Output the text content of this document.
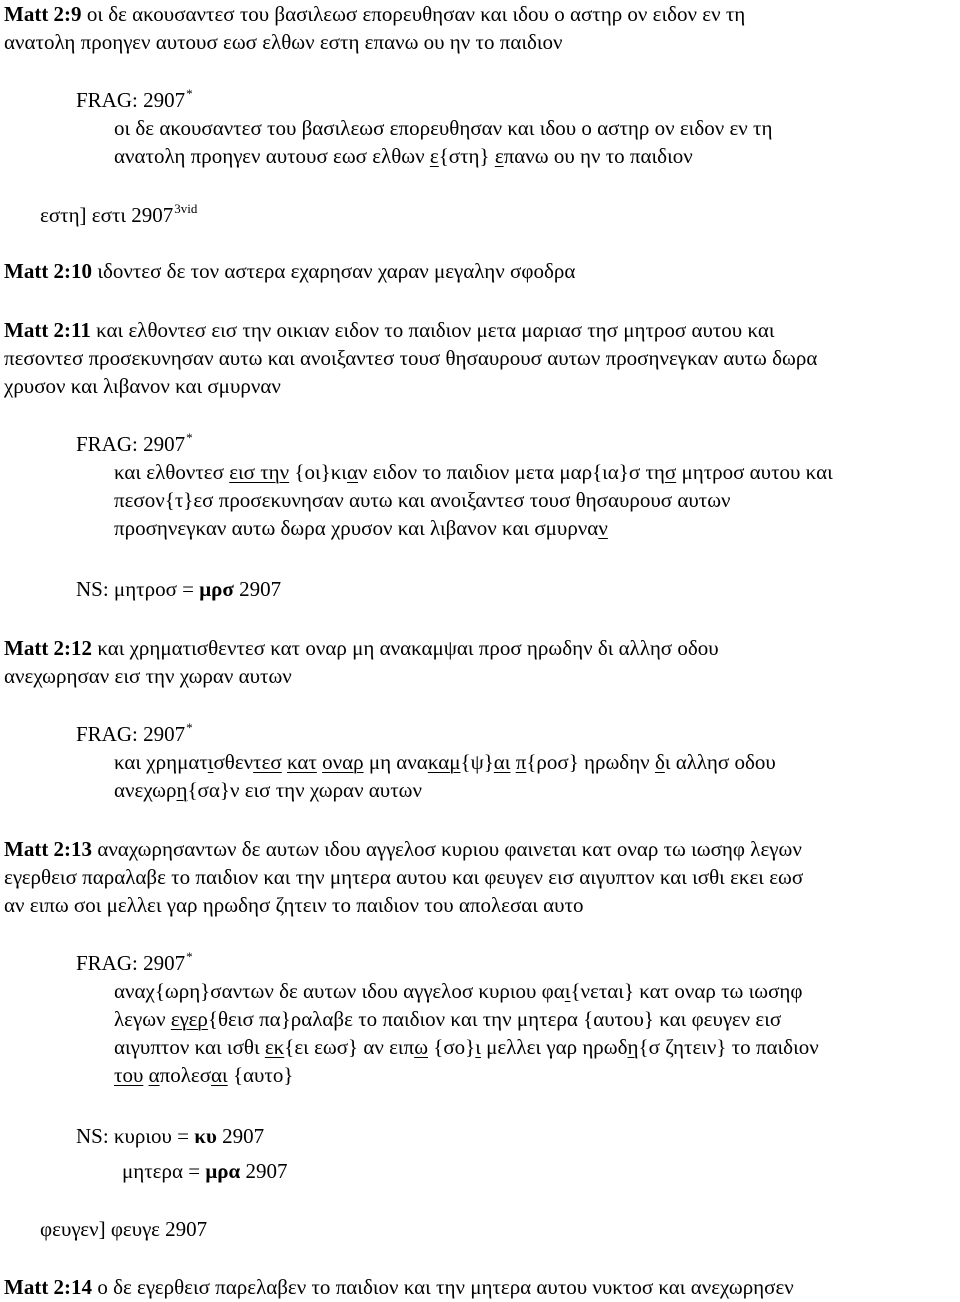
Matt 2:9 οι δε ακουσαντεσ του βασιλεωσ επορευθησαν και ιδου ο αστηρ ον ειδον εν τη
ανατολη προηγεν αυτουσ εωσ ελθων εστη επανω ου ην το παιδιον
FRAG: 2907*
οι δε ακουσαντεσ του βασιλεωσ επορευθησαν και ιδου ο αστηρ ον ειδον εν τη
ανατολη προηγεν αυτουσ εωσ ελθων ε{στη} επανω ου ην το παιδιον
εστη] εστι $2907^{3vid}$
Matt 2:10 ιδοντεσ δε τον αστερα εχαρησαν χαραν μεγαλην σφοδρα
Matt 2:11 και ελθοντεσ εισ την οικιαν ειδον το παιδιον μετα μαριασ τησ μητροσ αυτου και
πεσοντεσ προσεκυνησαν αυτω και ανοιξαντεσ τουσ θησαυρουσ αυτων προσηνεγκαν αυτω δωρα
χρυσον και λιβανον και σμυρναν
FRAG: 2907*
και ελθοντεσ εισ την {οι}κιαν ειδον το παιδιον μετα μαρ{ια}σ τησ μητροσ αυτου και
πεσον{τ}εσ προσεκυνησαν αυτω και ανοιξαντεσ τουσ θησαυρουσ αυτων
προσηνεγκαν αυτω δωρα χρυσον και λιβανον και σμυρναν
NS: μητροσ = μρσ 2907
Matt 2:12 και χρηματισθεντεσ κατ οναρ μη ανακαμψαι προσ ηρωδην δι αλλησ οδου
ανεχωρησαν εισ την χωραν αυτων
FRAG: 2907*
και χρηματισθεντεσ κατ οναρ μη ανακαμ{ψ}αι π{ροσ} ηρωδην δι αλλησ οδου
ανεχωρη{σα}ν εισ την χωραν αυτων
Matt 2:13 αναχωρησαντων δε αυτων ιδου αγγελοσ κυριου φαινεται κατ οναρ τω ιωσηφ λεγων
εγερθεισ παραλαβε το παιδιον και την μητερα αυτου και φευγεν εισ αιγυπτον και ισθι εκει εωσ
αν ειπω σοι μελλει γαρ ηρωδησ ζητειν το παιδιον του απολεσαι αυτο
FRAG: 2907*
αναχ{ωρη}σαντων δε αυτων ιδου αγγελοσ κυριου φαι{νεται} κατ οναρ τω ιωσηφ
λεγων εγερ{θεισ πα}ραλαβε το παιδιον και την μητερα {αυτου} και φευγεν εισ
αιγυπτον και ισθι εκ{ει εωσ} αν ειπω {σο}ι μελλει γαρ ηρωδη{σ ζητειν} το παιδιον
του απολεσαι {αυτο}
NS: κυριου = κυ 2907
μητερα = μρα 2907
φευγεν] φευγε 2907
Matt 2:14 ο δε εγερθεισ παρελαβεν το παιδιον και την μητερα αυτου νυκτοσ και ανεχωρησεν
